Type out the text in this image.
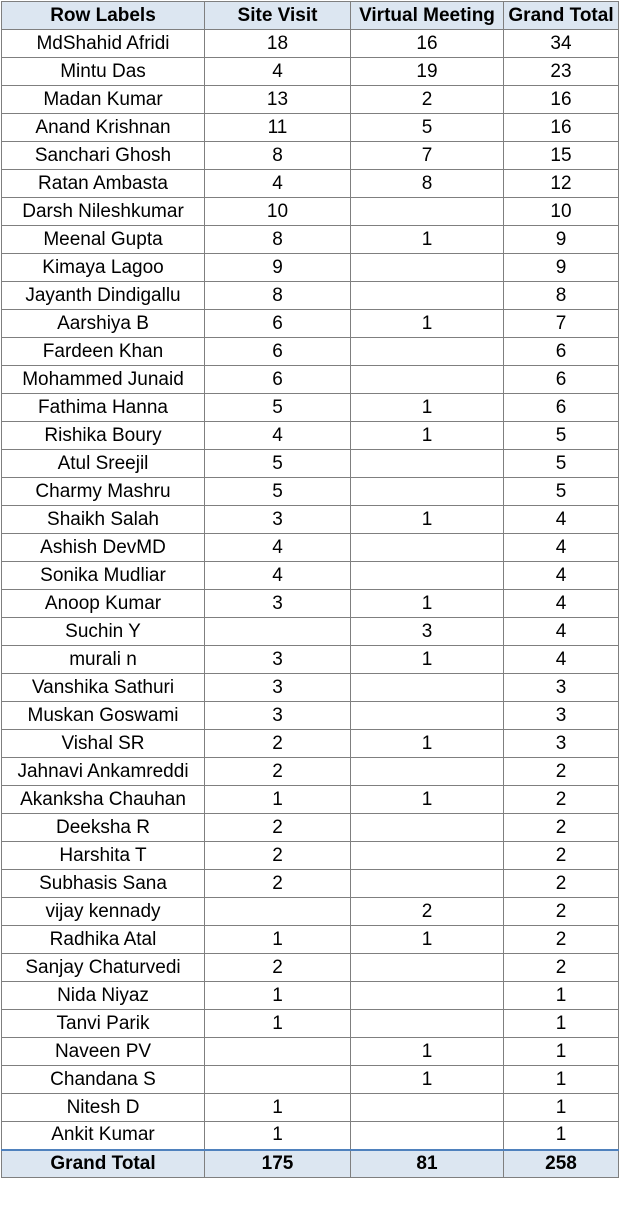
Row Labels	Site Visit	Virtual Meeting	Grand Total
MdShahid Afridi	18	16	34
Mintu Das	4	19	23
Madan Kumar	13	2	16
Anand Krishnan	11	5	16
Sanchari Ghosh	8	7	15
Ratan Ambasta	4	8	12
Darsh Nileshkumar	10		10
Meenal Gupta	8	1	9
Kimaya Lagoo	9		9
Jayanth Dindigallu	8		8
Aarshiya B	6	1	7
Fardeen Khan	6		6
Mohammed Junaid	6		6
Fathima Hanna	5	1	6
Rishika Boury	4	1	5
Atul Sreejil	5		5
Charmy Mashru	5		5
Shaikh Salah	3	1	4
Ashish DevMD	4		4
Sonika Mudliar	4		4
Anoop Kumar	3	1	4
Suchin Y		3	4
murali n	3	1	4
Vanshika Sathuri	3		3
Muskan Goswami	3		3
Vishal SR	2	1	3
Jahnavi Ankamreddi	2		2
Akanksha Chauhan	1	1	2
Deeksha R	2		2
Harshita T	2		2
Subhasis Sana	2		2
vijay kennady		2	2
Radhika Atal	1	1	2
Sanjay Chaturvedi	2		2
Nida Niyaz	1		1
Tanvi Parik	1		1
Naveen PV		1	1
Chandana S		1	1
Nitesh D	1		1
Ankit Kumar	1		1
Grand Total	175	81	258
